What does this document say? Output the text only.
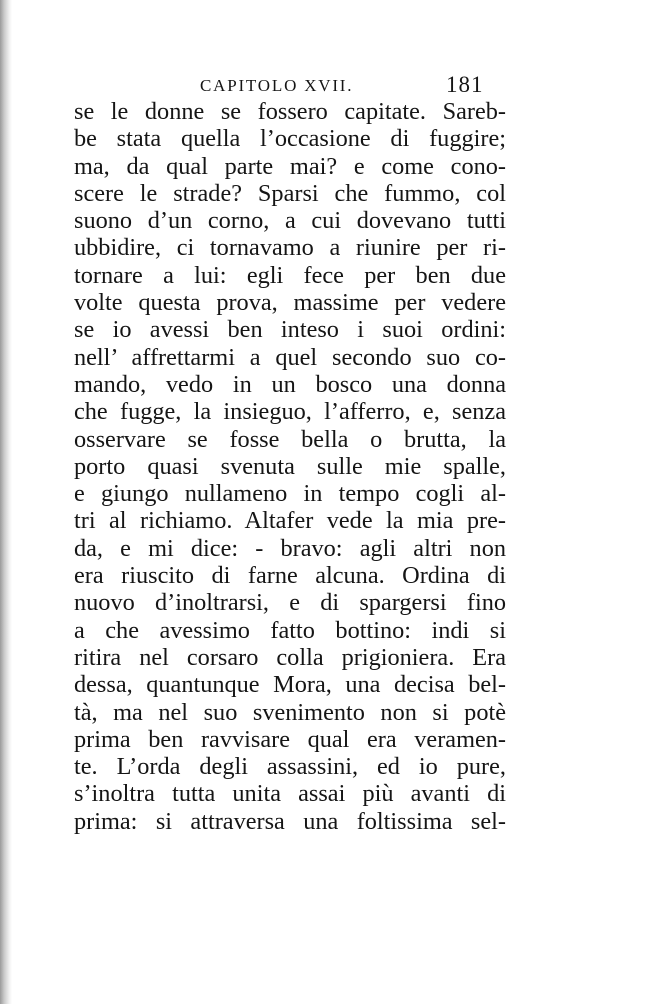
CAPITOLO XVII.	181
se le donne se fossero capitate. Sareb-
be stata quella l’occasione di fuggire;
ma, da qual parte mai? e come cono-
scere le strade? Sparsi che fummo, col
suono d’un corno, a cui dovevano tutti
ubbidire, ci tornavamo a riunire per ri-
tornare a lui: egli fece per ben due
volte questa prova, massime per vedere
se io avessi ben inteso i suoi ordini:
nell’ affrettarmi a quel secondo suo co-
mando, vedo in un bosco una donna
che fugge, la insieguo, l’afferro, e, senza
osservare se fosse bella o brutta, la
porto quasi svenuta sulle mie spalle,
e giungo nullameno in tempo cogli al-
tri al richiamo. Altafer vede la mia pre-
da, e mi dice: - bravo: agli altri non
era riuscito di farne alcuna. Ordina di
nuovo d’inoltrarsi, e di spargersi fino
a che avessimo fatto bottino: indi si
ritira nel corsaro colla prigioniera. Era
dessa, quantunque Mora, una decisa bel-
tà, ma nel suo svenimento non si potè
prima ben ravvisare qual era veramen-
te. L’orda degli assassini, ed io pure,
s’inoltra tutta unita assai più avanti di
prima: si attraversa una foltissima sel-
